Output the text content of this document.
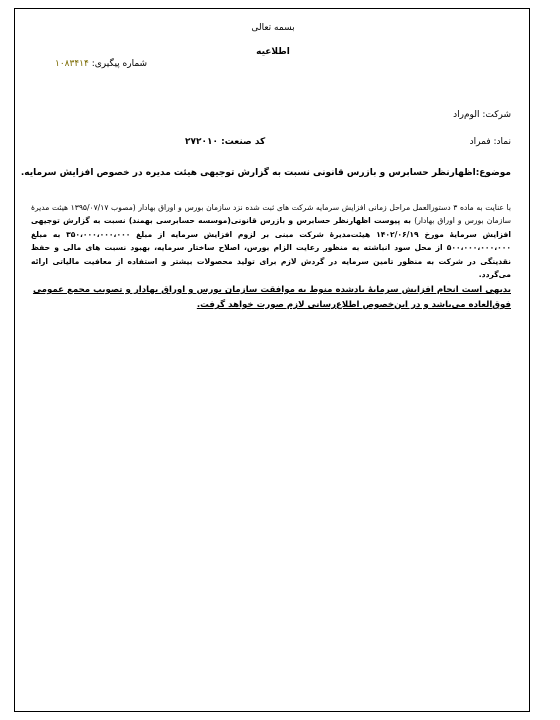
بسمه تعالی
اطلاعیه
شماره پیگیری: ۱۰۸۳۴۱۴
شرکت: الوم‌راد
نماد: فمراد
کد صنعت: ۲۷۲۰۱۰
موضوع:اظهارنظر حسابرس و بازرس قانونی نسبت به گزارش توجیهی هیئت مدیره در خصوص افزایش سرمایه.
با عنایت به ماده ۳ دستورالعمل مراحل زمانی افزایش سرمایه شرکت های ثبت شده نزد سازمان بورس و اوراق بهادار (مصوب ۱۳۹۵/۰۷/۱۷ هیئت مدیرهٔ سازمان بورس و اوراق بهادار) به پیوست اظهارنظر حسابرس و بازرس قانونی(موسسه حسابرسی بهمند) نسبت به گزارش توجیهی افزایش سرمایهٔ مورخ ۱۴۰۲/۰۶/۱۹ هیئت‌مدیرهٔ شرکت مبنی بر لزوم افزایش سرمایه از مبلغ ۳۵۰،۰۰۰،۰۰۰،۰۰۰ به مبلغ ۵۰۰،۰۰۰،۰۰۰،۰۰۰ از محل سود انباشته به منظور رعایت الزام بورس، اصلاح ساختار سرمایه، بهبود نسبت های مالی و حفظ نقدینگی در شرکت به منظور تامین سرمایه در گردش لازم برای تولید محصولات بیشتر و استفاده از معافیت مالیاتی ارائه می‌گردد.
بدیهی است انجام افزایش سرمایهٔ یادشده منوط به موافقت سازمان بورس و اوراق بهادار و تصویب مجمع عمومی فوق‌العاده می‌باشد و در این‌خصوص اطلاع‌رسانی لازم صورت خواهد گرفت.
